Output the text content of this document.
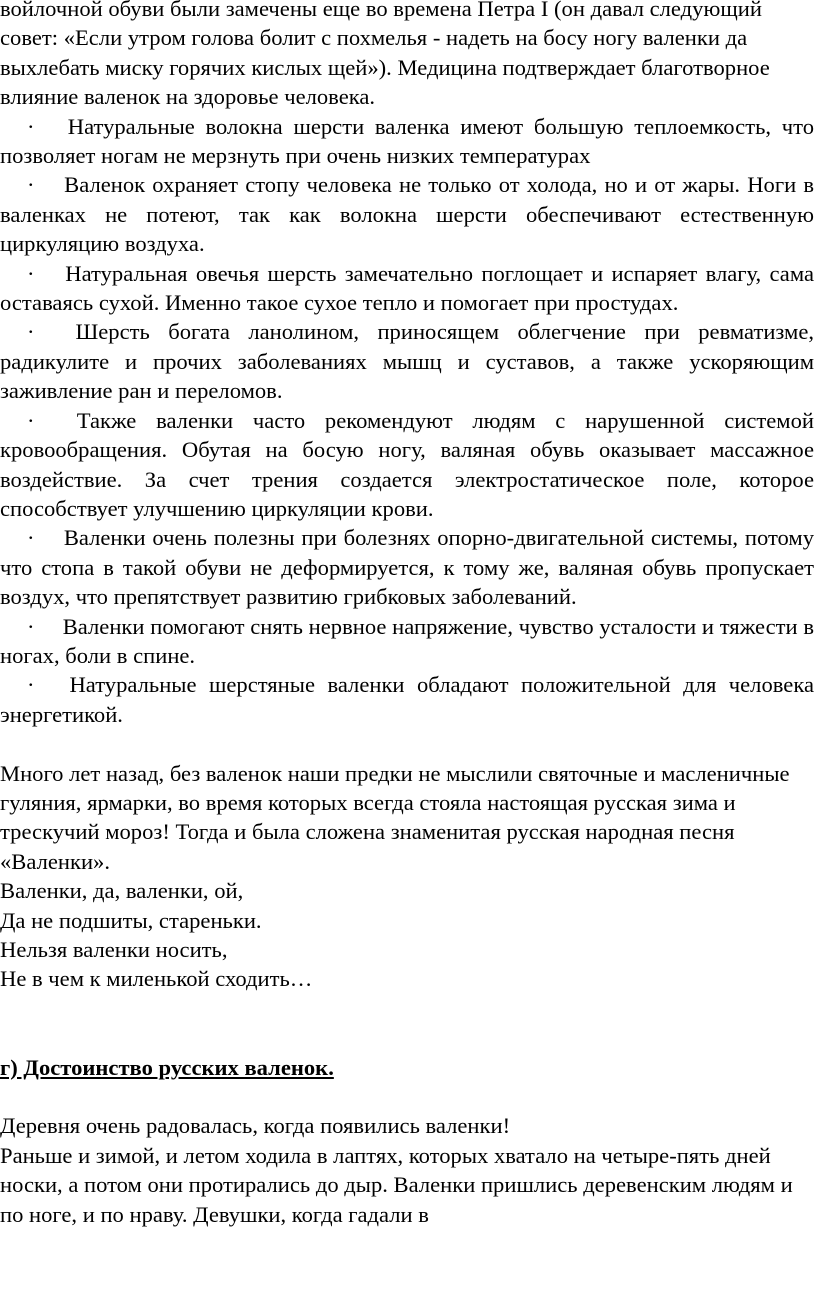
войлочной обуви были замечены еще во времена Петра I (он давал следующий совет: «Если утром голова болит с похмелья - надеть на босу ногу валенки да выхлебать миску горячих кислых щей»). Медицина подтверждает благотворное влияние валенок на здоровье человека.

· Натуральные волокна шерсти валенка имеют большую теплоемкость, что позволяет ногам не мерзнуть при очень низких температурах
· Валенок охраняет стопу человека не только от холода, но и от жары. Ноги в валенках не потеют, так как волокна шерсти обеспечивают естественную циркуляцию воздуха.
· Натуральная овечья шерсть замечательно поглощает и испаряет влагу, сама оставаясь сухой. Именно такое сухое тепло и помогает при простудах.
· Шерсть богата ланолином, приносящем облегчение при ревматизме, радикулите и прочих заболеваниях мышц и суставов, а также ускоряющим заживление ран и переломов.
· Также валенки часто рекомендуют людям с нарушенной системой кровообращения. Обутая на босую ногу, валяная обувь оказывает массажное воздействие. За счет трения создается электростатическое поле, которое способствует улучшению циркуляции крови.
· Валенки очень полезны при болезнях опорно-двигательной системы, потому что стопа в такой обуви не деформируется, к тому же, валяная обувь пропускает воздух, что препятствует развитию грибковых заболеваний.
· Валенки помогают снять нервное напряжение, чувство усталости и тяжести в ногах, боли в спине.
· Натуральные шерстяные валенки обладают положительной для человека энергетикой.

Много лет назад, без валенок наши предки не мыслили святочные и масленичные гуляния, ярмарки, во время которых всегда стояла настоящая русская зима и трескучий мороз! Тогда и была сложена знаменитая русская народная песня «Валенки».

Валенки, да, валенки, ой,

Да не подшиты, стареньки.

Нельзя валенки носить,

Не в чем к миленькой сходить…

г) Достоинство русских валенок.

Деревня очень радовалась, когда появились валенки!

Раньше и зимой, и летом ходила в лаптях, которых хватало на четыре-пять дней носки, а потом они протирались до дыр. Валенки пришлись деревенским людям и по ноге, и по нраву. Девушки, когда гадали в
